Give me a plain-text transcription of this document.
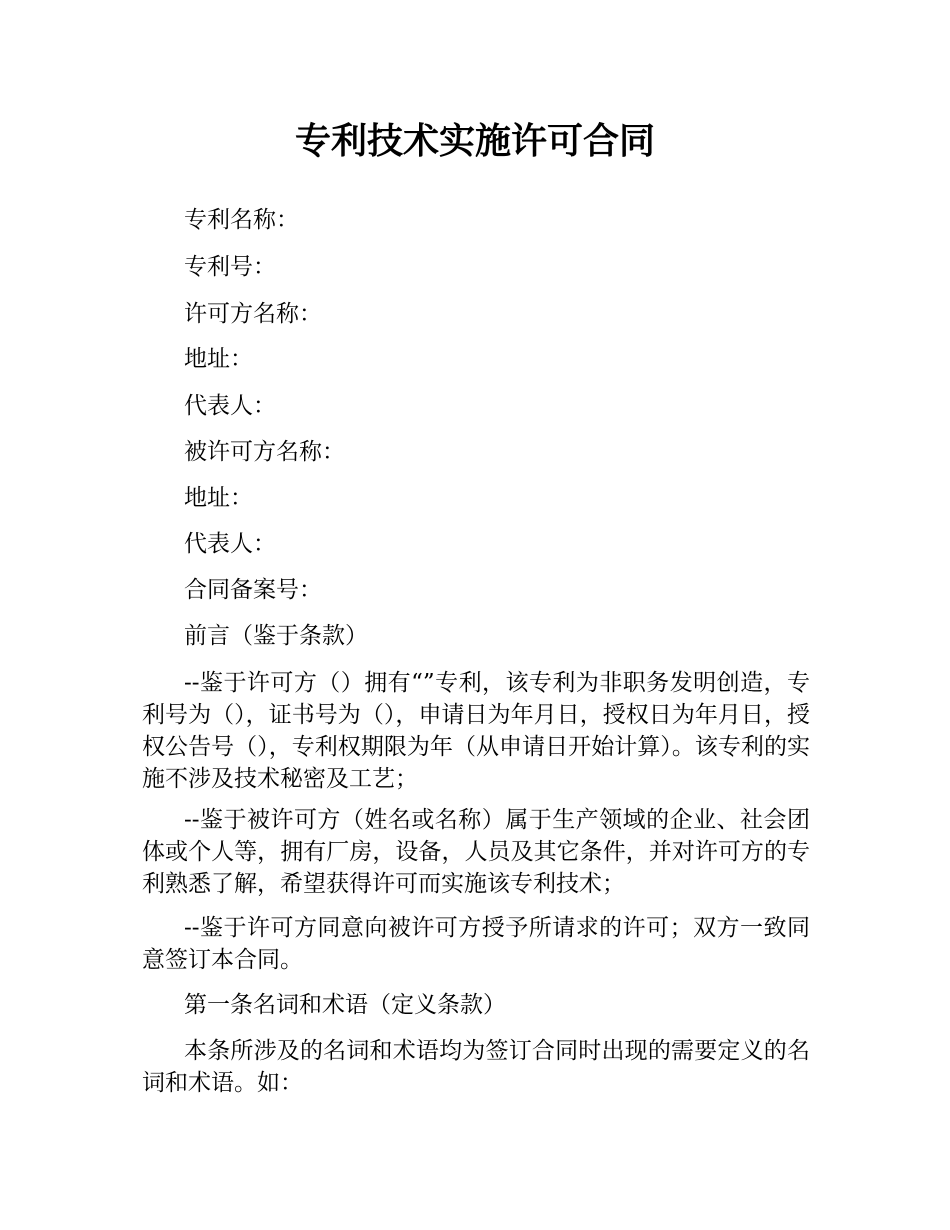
专利技术实施许可合同
专利名称：
专利号：
许可方名称：
地址：
代表人：
被许可方名称：
地址：
代表人：
合同备案号：
前言（鉴于条款）
--鉴于许可方（）拥有“”专利，该专利为非职务发明创造，专利号为（），证书号为（），申请日为年月日，授权日为年月日，授权公告号（），专利权期限为年（从申请日开始计算）。该专利的实施不涉及技术秘密及工艺；
--鉴于被许可方（姓名或名称）属于生产领域的企业、社会团体或个人等，拥有厂房，设备，人员及其它条件，并对许可方的专利熟悉了解，希望获得许可而实施该专利技术；
--鉴于许可方同意向被许可方授予所请求的许可；双方一致同意签订本合同。
第一条名词和术语（定义条款）
本条所涉及的名词和术语均为签订合同时出现的需要定义的名词和术语。如：
